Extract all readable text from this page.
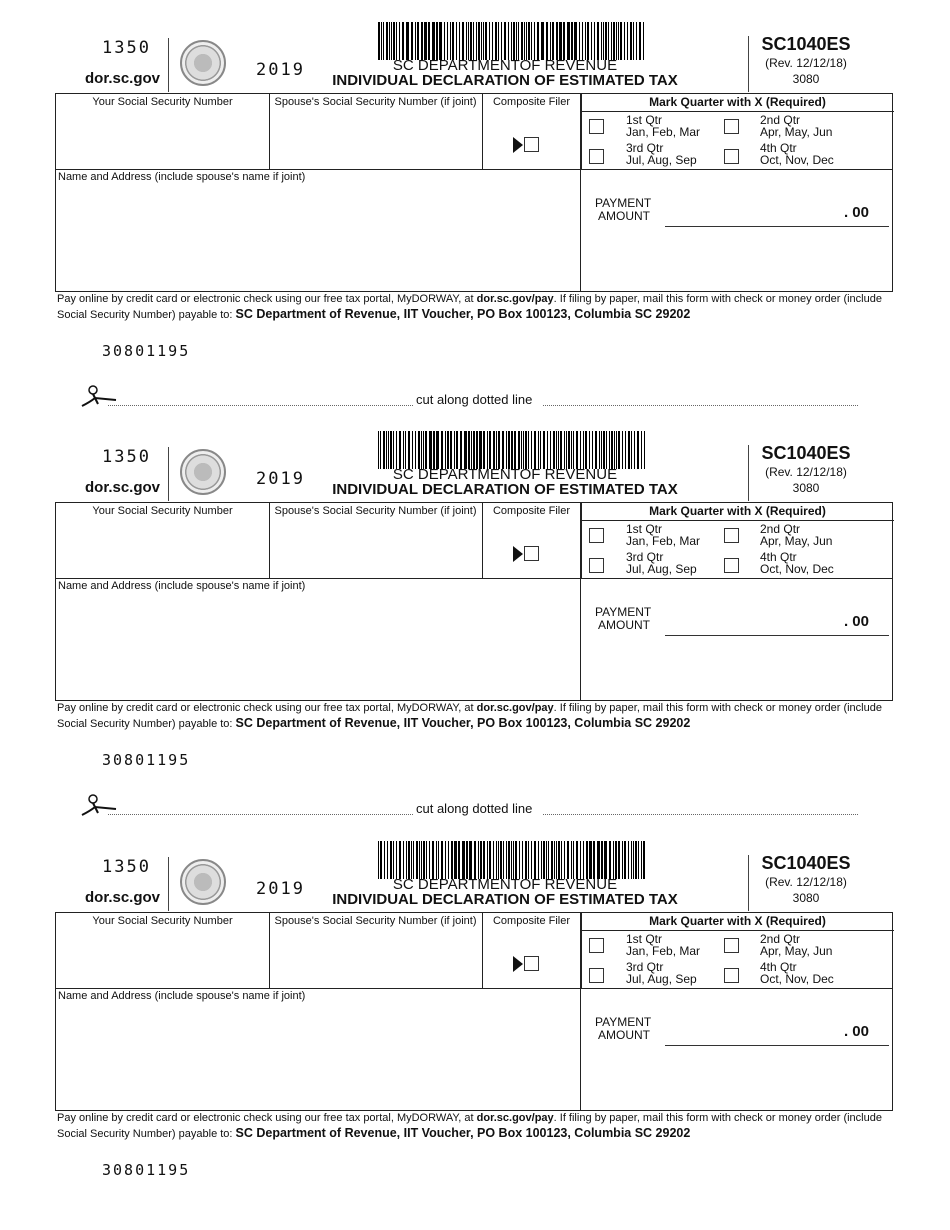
1350
dor.sc.gov	2019	SC DEPARTMENTOF REVENUE
INDIVIDUAL DECLARATION OF ESTIMATED TAX
SC1040ES
(Rev. 12/12/18)
3080
Your Social Security Number	Spouse's Social Security Number (if joint)	Composite Filer
Name and Address (include spouse's name if joint)
Mark Quarter with X (Required)
1st Qtr
Jan, Feb, Mar
2nd Qtr
Apr, May, Jun
3rd Qtr
Jul, Aug, Sep
4th Qtr
Oct, Nov, Dec
PAYMENT
AMOUNT	. 00
Pay online by credit card or electronic check using our free tax portal, MyDORWAY, at dor.sc.gov/pay. If filing by paper, mail this form with check or money order (include Social Security Number) payable to: SC Department of Revenue, IIT Voucher, PO Box 100123, Columbia SC 29202
30801195
cut along dotted line
1350
dor.sc.gov	2019	SC DEPARTMENTOF REVENUE
INDIVIDUAL DECLARATION OF ESTIMATED TAX
SC1040ES
(Rev. 12/12/18)
3080
Your Social Security Number	Spouse's Social Security Number (if joint)	Composite Filer
Name and Address (include spouse's name if joint)
Mark Quarter with X (Required)
1st Qtr
Jan, Feb, Mar
2nd Qtr
Apr, May, Jun
3rd Qtr
Jul, Aug, Sep
4th Qtr
Oct, Nov, Dec
PAYMENT
AMOUNT	. 00
Pay online by credit card or electronic check using our free tax portal, MyDORWAY, at dor.sc.gov/pay. If filing by paper, mail this form with check or money order (include Social Security Number) payable to: SC Department of Revenue, IIT Voucher, PO Box 100123, Columbia SC 29202
30801195
cut along dotted line
1350
dor.sc.gov	2019	SC DEPARTMENTOF REVENUE
INDIVIDUAL DECLARATION OF ESTIMATED TAX
SC1040ES
(Rev. 12/12/18)
3080
Your Social Security Number	Spouse's Social Security Number (if joint)	Composite Filer
Name and Address (include spouse's name if joint)
Mark Quarter with X (Required)
1st Qtr
Jan, Feb, Mar
2nd Qtr
Apr, May, Jun
3rd Qtr
Jul, Aug, Sep
4th Qtr
Oct, Nov, Dec
PAYMENT
AMOUNT	. 00
Pay online by credit card or electronic check using our free tax portal, MyDORWAY, at dor.sc.gov/pay. If filing by paper, mail this form with check or money order (include Social Security Number) payable to: SC Department of Revenue, IIT Voucher, PO Box 100123, Columbia SC 29202
30801195
